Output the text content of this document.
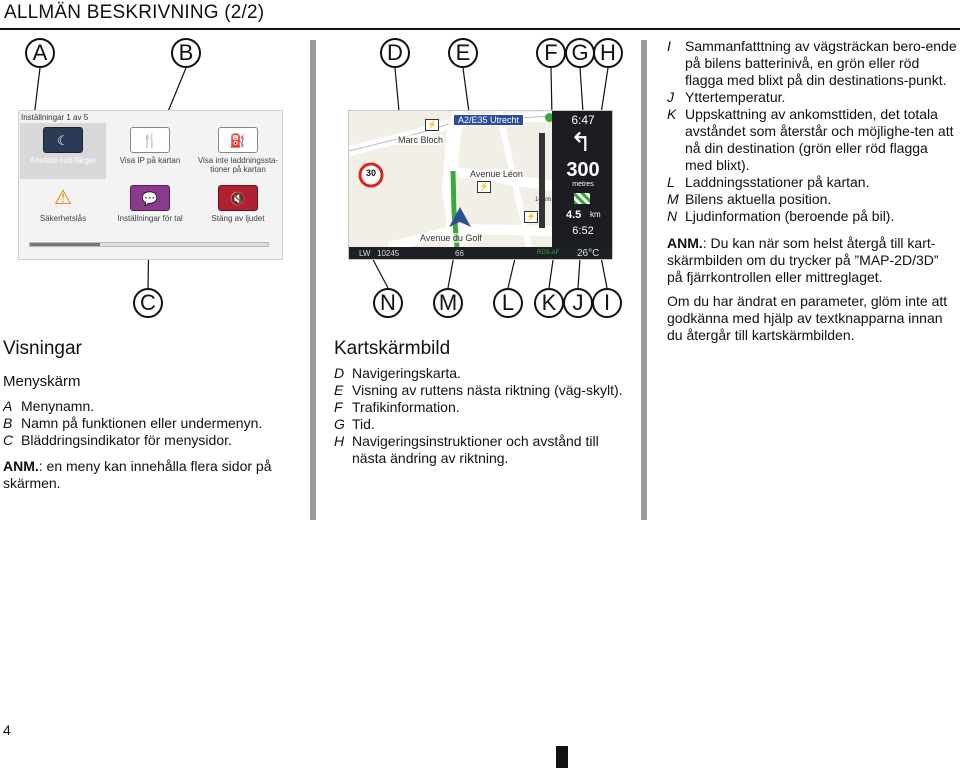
ALLMÄN BESKRIVNING (2/2)
A	B	D	E	F G H
C	N	M	L	K J I
Inställningar 1 av 5
☾
Använd natt-färger
🍴
Visa IP på kartan
⛽
Visa inte laddningssta-tioner på kartan
⚠
Säkerhetslås
💬
Inställningar för tal
🔇
Stäng av ljudet
30
Marc Bloch
Avenue Léon
Avenue du Golf
A2/E35 Utrecht
⚡
⚡
⚡
14 km
6:47
↰
300
metres
4.5 km
6:52
LW 10245	66	RDS-AF 26°C
Visningar
Menyskärm
A Menynamn.
B Namn på funktionen eller undermenyn.
C Bläddringsindikator för menysidor.
ANM.: en meny kan innehålla flera sidor på skärmen.
Kartskärmbild
D Navigeringskarta.
E Visning av ruttens nästa riktning (väg-skylt).
F Trafikinformation.
G Tid.
H Navigeringsinstruktioner och avstånd till nästa ändring av riktning.
I	Sammanfatttning av vägsträckan bero-ende på bilens batterinivå, en grön eller röd flagga med blixt på din destinations-punkt.
J Yttertemperatur.
K Uppskattning av ankomsttiden, det totala avståndet som återstår och möjlighe-ten att nå din destination (grön eller röd flagga med blixt).
L Laddningsstationer på kartan.
M Bilens aktuella position.
N Ljudinformation (beroende på bil).
ANM.: Du kan när som helst återgå till kart-skärmbilden om du trycker på ”MAP-2D/3D” på fjärrkontrollen eller mittreglaget.
Om du har ändrat en parameter, glöm inte att godkänna med hjälp av textknapparna innan du återgår till kartskärmbilden.
4
